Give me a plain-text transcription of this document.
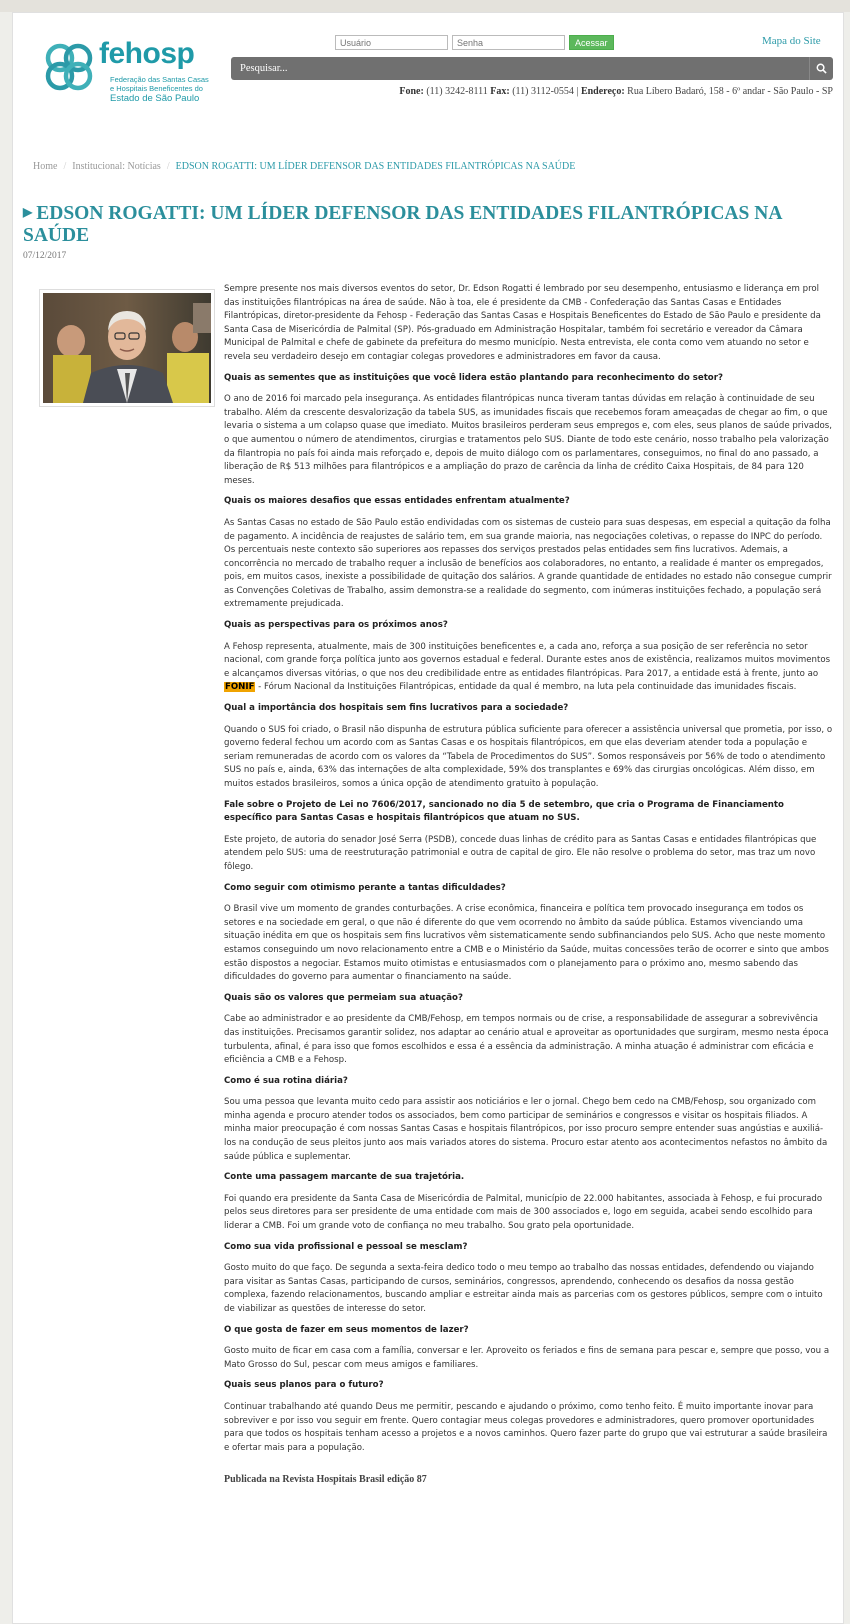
fehosp
Federação das Santas Casas
e Hospitais Beneficentes do
Estado de São Paulo
Usuário
Acessar	Mapa do Site
Pesquisar...
Fone: (11) 3242-8111 Fax: (11) 3112-0554 | Endereço: Rua Líbero Badaró, 158 - 6º andar - São Paulo - SP
Home / Institucional: Notícias / EDSON ROGATTI: UM LÍDER DEFENSOR DAS ENTIDADES FILANTRÓPICAS NA SAÚDE
▶ EDSON ROGATTI: UM LÍDER DEFENSOR DAS ENTIDADES FILANTRÓPICAS NA SAÚDE
07/12/2017

Sempre presente nos mais diversos eventos do setor, Dr. Edson Rogatti é lembrado por seu desempenho, entusiasmo e liderança em prol das instituições filantrópicas na área de saúde. Não à toa, ele é presidente da CMB - Confederação das Santas Casas e Entidades Filantrópicas, diretor-presidente da Fehosp - Federação das Santas Casas e Hospitais Beneficentes do Estado de São Paulo e presidente da Santa Casa de Misericórdia de Palmital (SP). Pós-graduado em Administração Hospitalar, também foi secretário e vereador da Câmara Municipal de Palmital e chefe de gabinete da prefeitura do mesmo município. Nesta entrevista, ele conta como vem atuando no setor e revela seu verdadeiro desejo em contagiar colegas provedores e administradores em favor da causa.

Quais as sementes que as instituições que você lidera estão plantando para reconhecimento do setor?

O ano de 2016 foi marcado pela insegurança. As entidades filantrópicas nunca tiveram tantas dúvidas em relação à continuidade de seu trabalho. Além da crescente desvalorização da tabela SUS, as imunidades fiscais que recebemos foram ameaçadas de chegar ao fim, o que levaria o sistema a um colapso quase que imediato. Muitos brasileiros perderam seus empregos e, com eles, seus planos de saúde privados, o que aumentou o número de atendimentos, cirurgias e tratamentos pelo SUS. Diante de todo este cenário, nosso trabalho pela valorização da filantropia no país foi ainda mais reforçado e, depois de muito diálogo com os parlamentares, conseguimos, no final do ano passado, a liberação de R$ 513 milhões para filantrópicos e a ampliação do prazo de carência da linha de crédito Caixa Hospitais, de 84 para 120 meses.

Quais os maiores desafios que essas entidades enfrentam atualmente?

As Santas Casas no estado de São Paulo estão endividadas com os sistemas de custeio para suas despesas, em especial a quitação da folha de pagamento. A incidência de reajustes de salário tem, em sua grande maioria, nas negociações coletivas, o repasse do INPC do período. Os percentuais neste contexto são superiores aos repasses dos serviços prestados pelas entidades sem fins lucrativos. Ademais, a concorrência no mercado de trabalho requer a inclusão de benefícios aos colaboradores, no entanto, a realidade é manter os empregados, pois, em muitos casos, inexiste a possibilidade de quitação dos salários. A grande quantidade de entidades no estado não consegue cumprir as Convenções Coletivas de Trabalho, assim demonstra-se a realidade do segmento, com inúmeras instituições fechado, a população será extremamente prejudicada.

Quais as perspectivas para os próximos anos?

A Fehosp representa, atualmente, mais de 300 instituições beneficentes e, a cada ano, reforça a sua posição de ser referência no setor nacional, com grande força política junto aos governos estadual e federal. Durante estes anos de existência, realizamos muitos movimentos e alcançamos diversas vitórias, o que nos deu credibilidade entre as entidades filantrópicas. Para 2017, a entidade está à frente, junto ao FONIF - Fórum Nacional da Instituições Filantrópicas, entidade da qual é membro, na luta pela continuidade das imunidades fiscais.

Qual a importância dos hospitais sem fins lucrativos para a sociedade?

Quando o SUS foi criado, o Brasil não dispunha de estrutura pública suficiente para oferecer a assistência universal que prometia, por isso, o governo federal fechou um acordo com as Santas Casas e os hospitais filantrópicos, em que elas deveriam atender toda a população e seriam remuneradas de acordo com os valores da “Tabela de Procedimentos do SUS”. Somos responsáveis por 56% de todo o atendimento SUS no país e, ainda, 63% das internações de alta complexidade, 59% dos transplantes e 69% das cirurgias oncológicas. Além disso, em muitos estados brasileiros, somos a única opção de atendimento gratuito à população.

Fale sobre o Projeto de Lei no 7606/2017, sancionado no dia 5 de setembro, que cria o Programa de Financiamento específico para Santas Casas e hospitais filantrópicos que atuam no SUS.

Este projeto, de autoria do senador José Serra (PSDB), concede duas linhas de crédito para as Santas Casas e entidades filantrópicas que atendem pelo SUS: uma de reestruturação patrimonial e outra de capital de giro. Ele não resolve o problema do setor, mas traz um novo fôlego.

Como seguir com otimismo perante a tantas dificuldades?

O Brasil vive um momento de grandes conturbações. A crise econômica, financeira e política tem provocado insegurança em todos os setores e na sociedade em geral, o que não é diferente do que vem ocorrendo no âmbito da saúde pública. Estamos vivenciando uma situação inédita em que os hospitais sem fins lucrativos vêm sistematicamente sendo subfinanciandos pelo SUS. Acho que neste momento estamos conseguindo um novo relacionamento entre a CMB e o Ministério da Saúde, muitas concessões terão de ocorrer e sinto que ambos estão dispostos a negociar. Estamos muito otimistas e entusiasmados com o planejamento para o próximo ano, mesmo sabendo das dificuldades do governo para aumentar o financiamento na saúde.

Quais são os valores que permeiam sua atuação?

Cabe ao administrador e ao presidente da CMB/Fehosp, em tempos normais ou de crise, a responsabilidade de assegurar a sobrevivência das instituições. Precisamos garantir solidez, nos adaptar ao cenário atual e aproveitar as oportunidades que surgiram, mesmo nesta época turbulenta, afinal, é para isso que fomos escolhidos e essa é a essência da administração. A minha atuação é administrar com eficácia e eficiência a CMB e a Fehosp.

Como é sua rotina diária?

Sou uma pessoa que levanta muito cedo para assistir aos noticiários e ler o jornal. Chego bem cedo na CMB/Fehosp, sou organizado com minha agenda e procuro atender todos os associados, bem como participar de seminários e congressos e visitar os hospitais filiados. A minha maior preocupação é com nossas Santas Casas e hospitais filantrópicos, por isso procuro sempre entender suas angústias e auxiliá-los na condução de seus pleitos junto aos mais variados atores do sistema. Procuro estar atento aos acontecimentos nefastos no âmbito da saúde pública e suplementar.

Conte uma passagem marcante de sua trajetória.

Foi quando era presidente da Santa Casa de Misericórdia de Palmital, município de 22.000 habitantes, associada à Fehosp, e fui procurado pelos seus diretores para ser presidente de uma entidade com mais de 300 associados e, logo em seguida, acabei sendo escolhido para liderar a CMB. Foi um grande voto de confiança no meu trabalho. Sou grato pela oportunidade.

Como sua vida profissional e pessoal se mesclam?

Gosto muito do que faço. De segunda a sexta-feira dedico todo o meu tempo ao trabalho das nossas entidades, defendendo ou viajando para visitar as Santas Casas, participando de cursos, seminários, congressos, aprendendo, conhecendo os desafios da nossa gestão complexa, fazendo relacionamentos, buscando ampliar e estreitar ainda mais as parcerias com os gestores públicos, sempre com o intuito de viabilizar as questões de interesse do setor.

O que gosta de fazer em seus momentos de lazer?

Gosto muito de ficar em casa com a família, conversar e ler. Aproveito os feriados e fins de semana para pescar e, sempre que posso, vou a Mato Grosso do Sul, pescar com meus amigos e familiares.

Quais seus planos para o futuro?

Continuar trabalhando até quando Deus me permitir, pescando e ajudando o próximo, como tenho feito. É muito importante inovar para sobreviver e por isso vou seguir em frente. Quero contagiar meus colegas provedores e administradores, quero promover oportunidades para que todos os hospitais tenham acesso a projetos e a novos caminhos. Quero fazer parte do grupo que vai estruturar a saúde brasileira e ofertar mais para a população.

Publicada na Revista Hospitais Brasil edição 87
